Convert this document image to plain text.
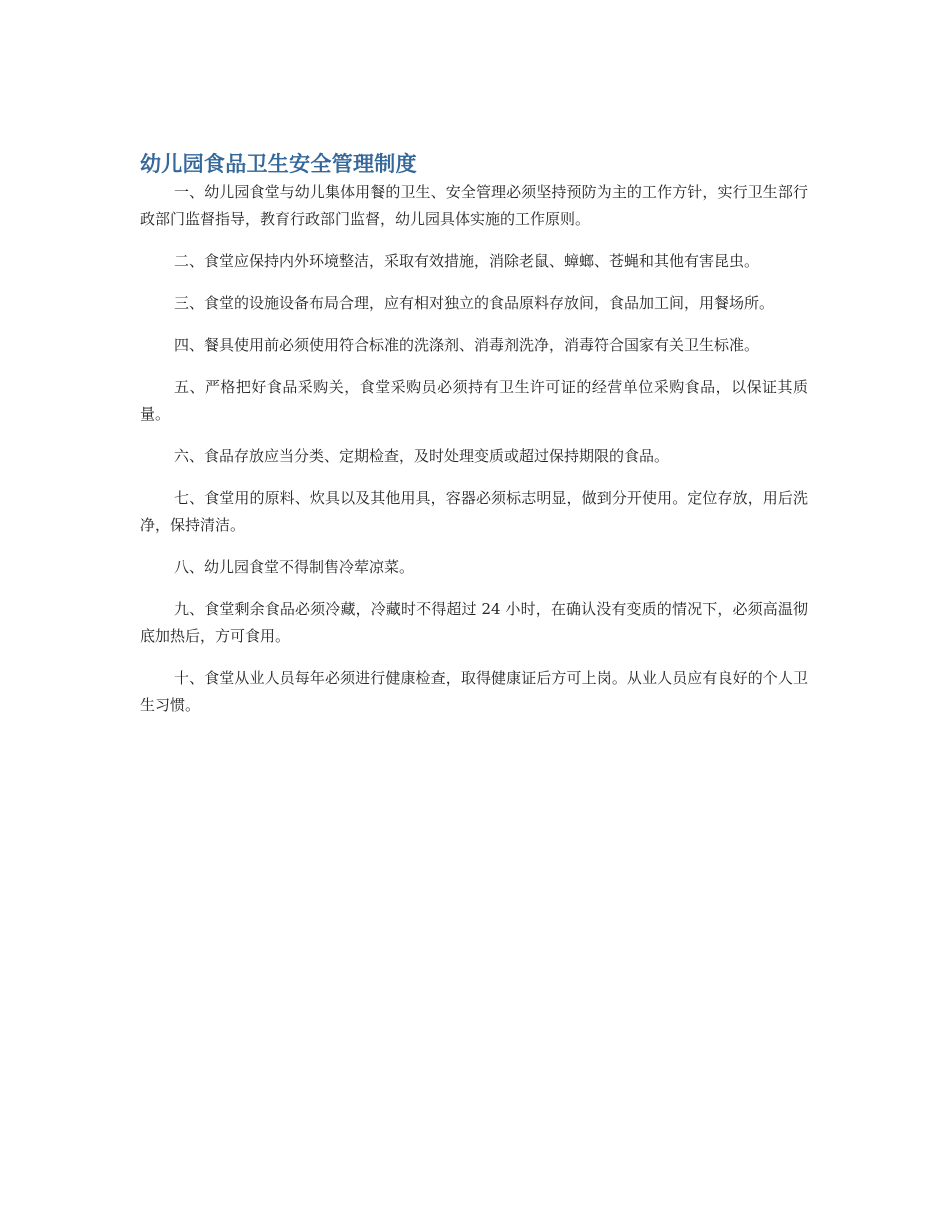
幼儿园食品卫生安全管理制度

一、幼儿园食堂与幼儿集体用餐的卫生、安全管理必须坚持预防为主的工作方针，实行卫生部行政部门监督指导，教育行政部门监督，幼儿园具体实施的工作原则。

二、食堂应保持内外环境整洁，采取有效措施，消除老鼠、蟑螂、苍蝇和其他有害昆虫。

三、食堂的设施设备布局合理，应有相对独立的食品原料存放间，食品加工间，用餐场所。

四、餐具使用前必须使用符合标准的洗涤剂、消毒剂洗净，消毒符合国家有关卫生标准。

五、严格把好食品采购关，食堂采购员必须持有卫生许可证的经营单位采购食品，以保证其质量。

六、食品存放应当分类、定期检查，及时处理变质或超过保持期限的食品。

七、食堂用的原料、炊具以及其他用具，容器必须标志明显，做到分开使用。定位存放，用后洗净，保持清洁。

八、幼儿园食堂不得制售冷荤凉菜。

九、食堂剩余食品必须冷藏，冷藏时不得超过 24 小时，在确认没有变质的情况下，必须高温彻底加热后，方可食用。

十、食堂从业人员每年必须进行健康检查，取得健康证后方可上岗。从业人员应有良好的个人卫生习惯。
